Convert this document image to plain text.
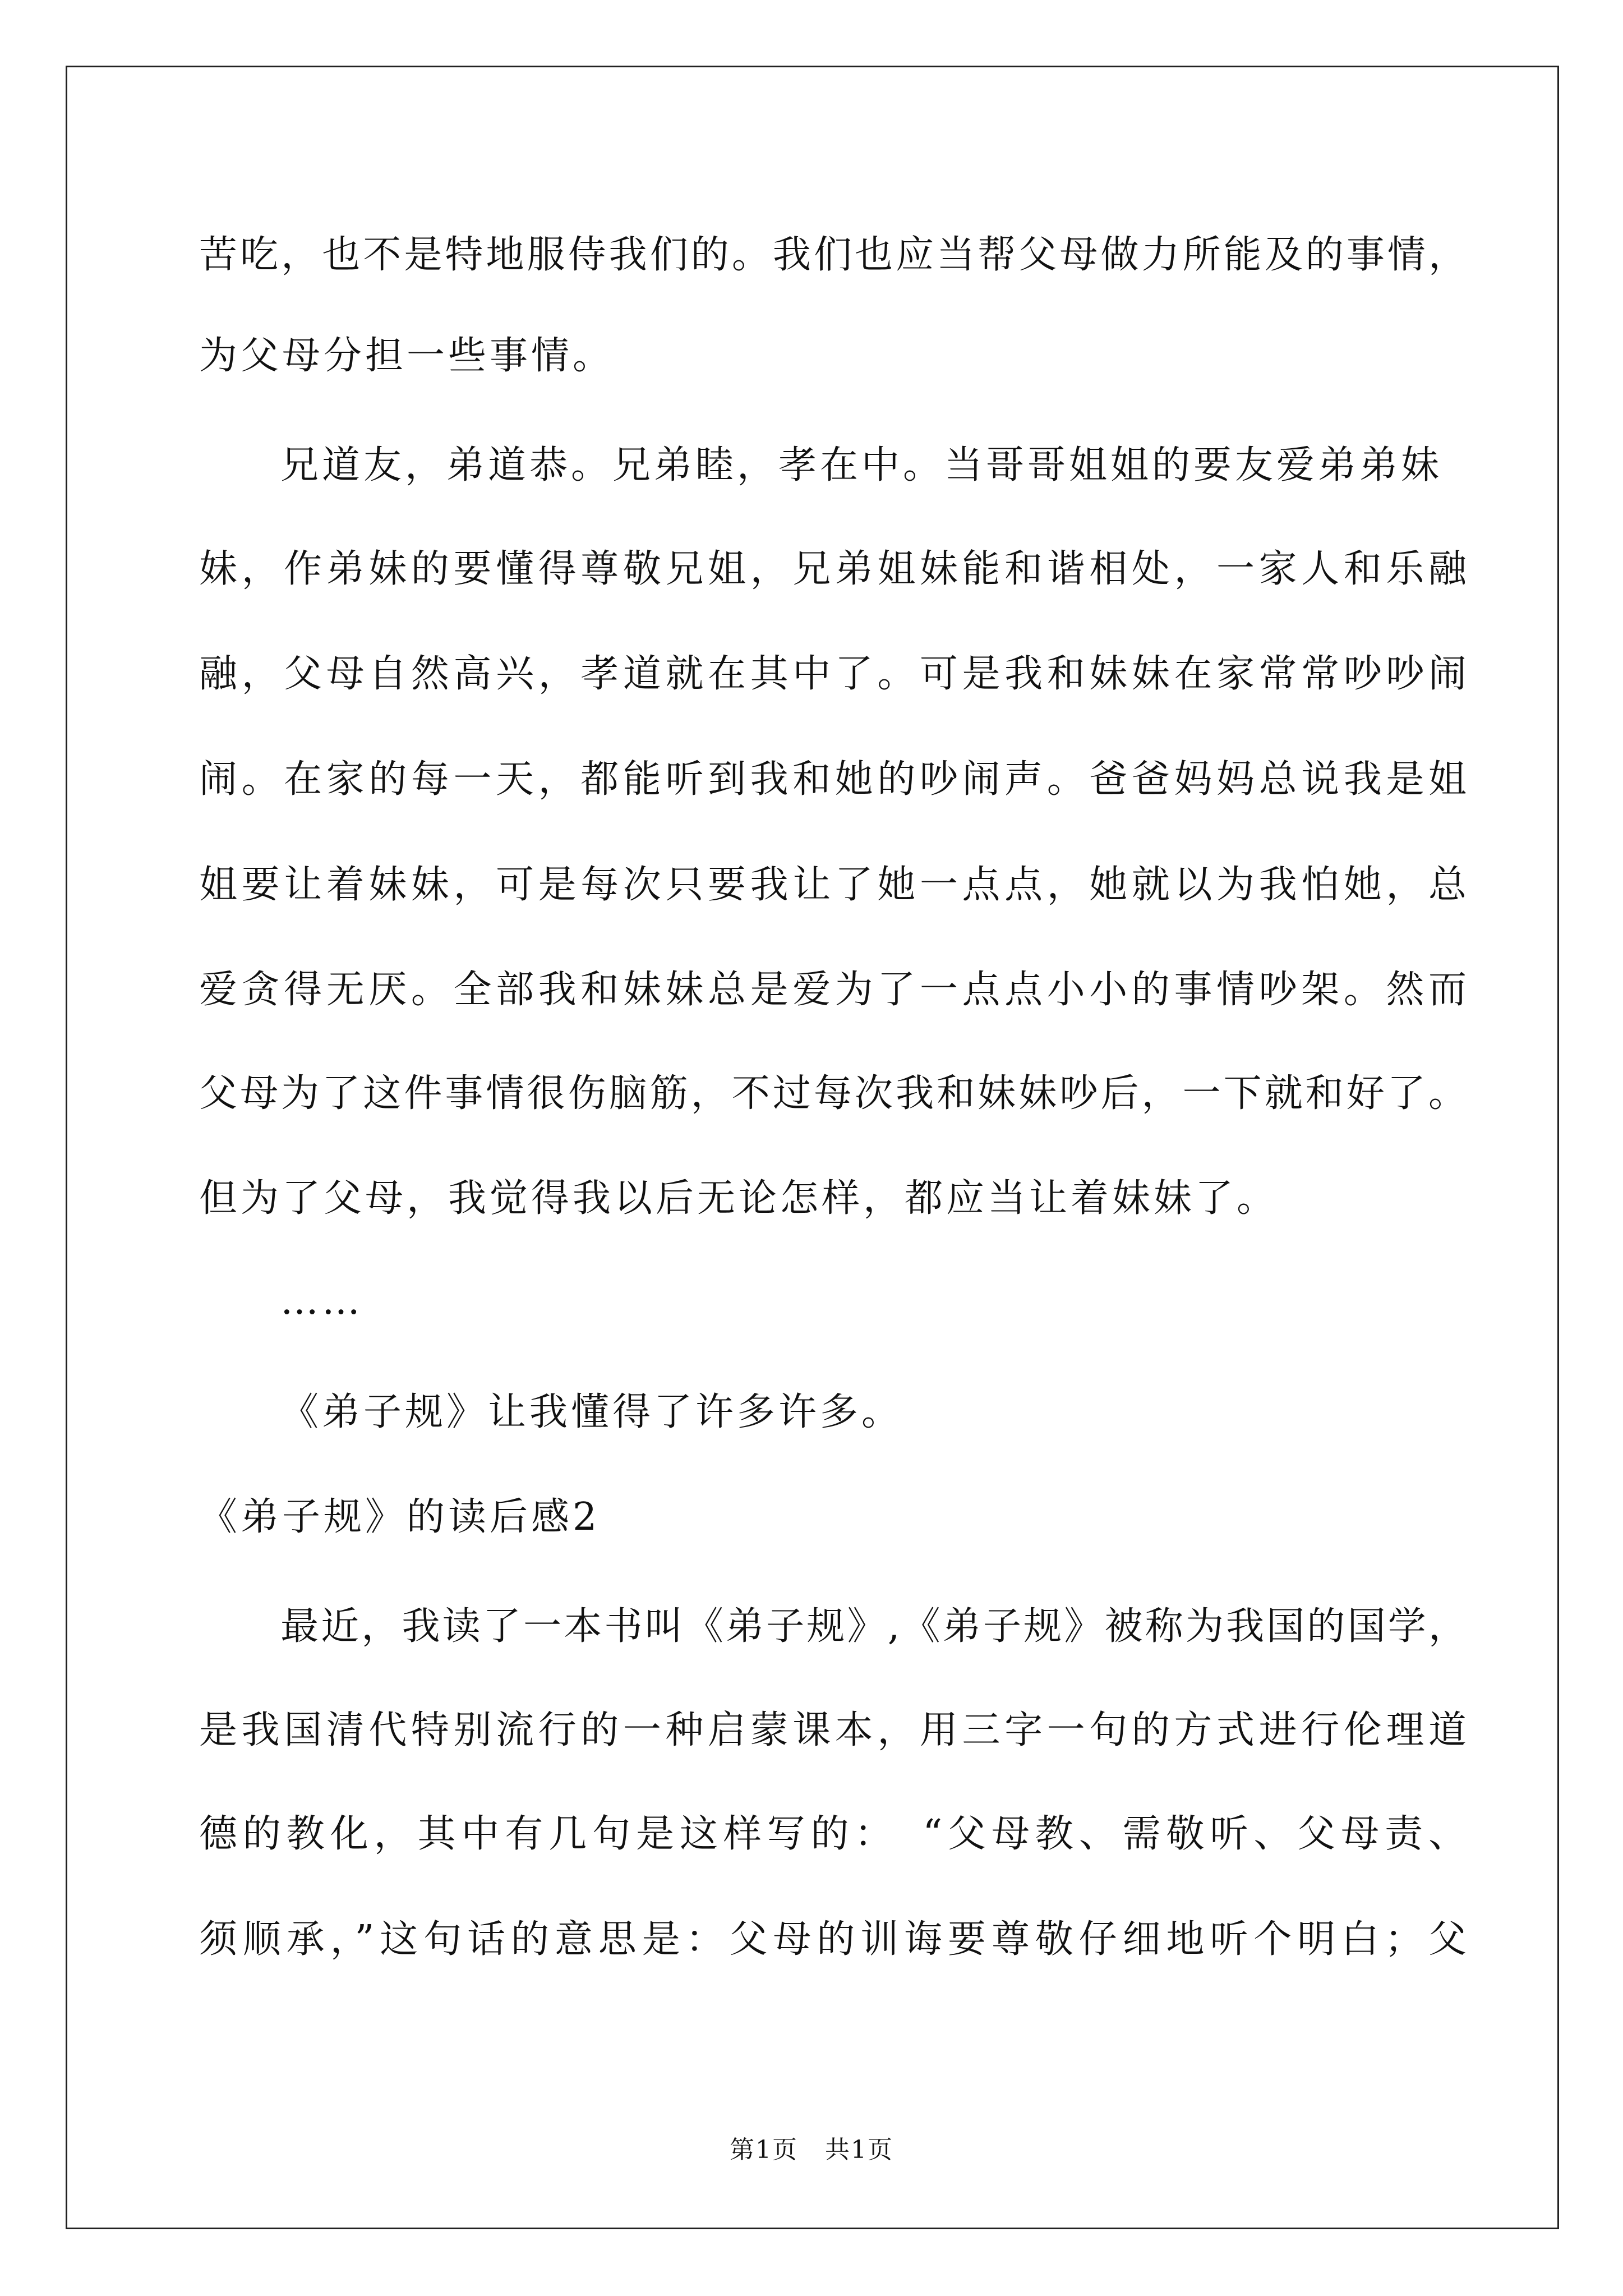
苦吃，也不是特地服侍我们的。我们也应当帮父母做力所能及的事情，
为父母分担一些事情。
兄道友，弟道恭。兄弟睦，孝在中。当哥哥姐姐的要友爱弟弟妹
妹，作弟妹的要懂得尊敬兄姐，兄弟姐妹能和谐相处，一家人和乐融
融，父母自然高兴，孝道就在其中了。可是我和妹妹在家常常吵吵闹
闹。在家的每一天，都能听到我和她的吵闹声。爸爸妈妈总说我是姐
姐要让着妹妹，可是每次只要我让了她一点点，她就以为我怕她，总
爱贪得无厌。全部我和妹妹总是爱为了一点点小小的事情吵架。然而
父母为了这件事情很伤脑筋，不过每次我和妹妹吵后，一下就和好了。
但为了父母，我觉得我以后无论怎样，都应当让着妹妹了。
……
《弟子规》让我懂得了许多许多。
《弟子规》的读后感2
最近，我读了一本书叫《弟子规》,《弟子规》被称为我国的国学，
是我国清代特别流行的一种启蒙课本，用三字一句的方式进行伦理道
德的教化，其中有几句是这样写的：　“父母教、需敬听、父母责、
须顺承，”这句话的意思是：父母的训诲要尊敬仔细地听个明白；父
第1页 共1页
